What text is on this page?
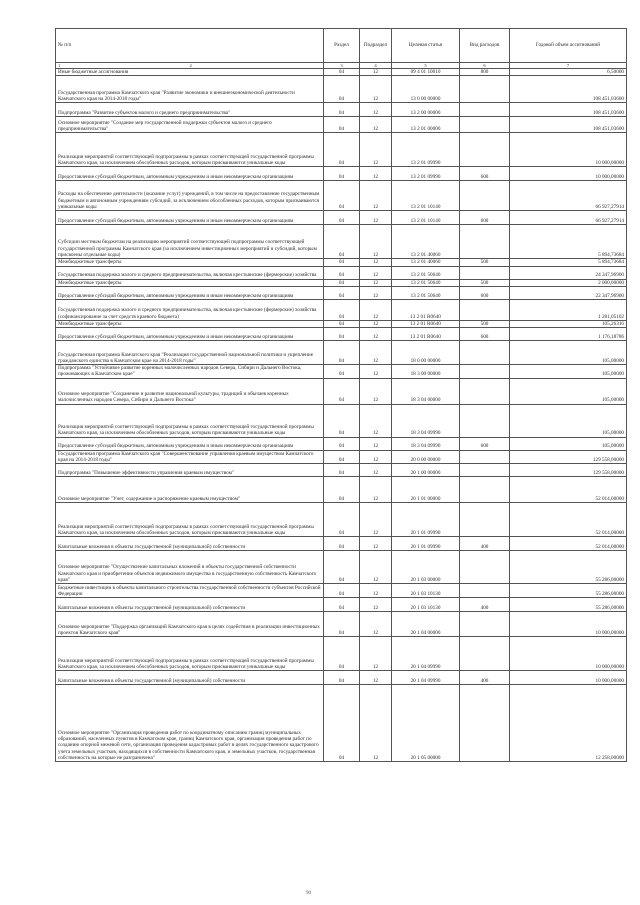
№ п/п	Раздел	Подраздел	Целевая статья	Вид расходов	Годовой объем ассигнований

1 2	3	4	5	6	7
Иные бюджетные ассигнования	04	12	09 4 01 10010	800	6,50000
Государственная программа Камчатского края "Развитие экономики и внешнеэкономической деятельности Камчатского края на 2014-2018 годы"	04	12	13 0 00 00000		108 451,03600
Подпрограмма "Развитие субъектов малого и среднего предпринимательства"	04	12	13 2 00 00000		108 451,03600
Основное мероприятие "Создание мер государственной поддержки субъектов малого и среднего предпринимательства"	04	12	13 2 01 00000		108 451,03600
Реализация мероприятий соответствующей подпрограммы в рамках соответствующей государственной программы Камчатского края, за исключением обособленных расходов, которым присваиваются уникальные коды	04	12	13 2 01 09990		10 000,00000
Предоставление субсидий бюджетным, автономным учреждениям и иным некоммерческим организациям	04	12	13 2 01 09990	600	10 000,00000
Расходы на обеспечение деятельности (оказание услуг) учреждений, в том числе на предоставление государственным бюджетным и автономным учреждениям субсидий, за исключением обособленных расходов, которым присваиваются уникальные коды	04	12	13 2 01 10140		66 927,27914
Предоставление субсидий бюджетным, автономным учреждениям и иным некоммерческим организациям	04	12	13 2 01 10140	600	66 927,27914
Субсидии местным бюджетам на реализацию мероприятий соответствующей подпрограммы соответствующей государственной программы Камчатского края (за исключением инвестиционных мероприятий и субсидий, которым присвоены отдельные коды)	04	12	13 2 01 40060		5 894,73684
Межбюджетные трансферты	04	12	13 2 01 40060	500	5 894,73684
Государственная поддержка малого и среднего предпринимательства, включая крестьянские (фермерские) хозяйства	04	12	13 2 01 50640		24 347,96900
Межбюджетные трансферты	04	12	13 2 01 50640	500	2 000,00000
Предоставление субсидий бюджетным, автономным учреждениям и иным некоммерческим организациям	04	12	13 2 01 50640	600	22 347,96900
Государственная поддержка малого и среднего предпринимательства, включая крестьянские (фермерские) хозяйства (софинансирование за счет средств краевого бюджета)	04	12	13 2 01 R0640		1 281,05102
Межбюджетные трансферты	04	12	13 2 01 R0640	500	105,26316
Предоставление субсидий бюджетным, автономным учреждениям и иным некоммерческим организациям	04	12	13 2 01 R0640	600	1 176,18786
Государственная программа Камчатского края "Реализация государственной национальной политики и укрепление гражданского единства в Камчатском крае на 2014-2018 годы"	04	12	18 0 00 00000		105,00000
Подпрограмма "Устойчивое развитие коренных малочисленных народов Севера, Сибири и Дальнего Востока, проживающих в Камчатском крае"	04	12	18 3 00 00000		105,00000
Основное мероприятие "Сохранение и развитие национальной культуры, традиций и обычаев коренных малочисленных народов Севера, Сибири и Дальнего Востока"	04	12	18 3 04 00000		105,00000
Реализация мероприятий соответствующей подпрограммы в рамках соответствующей государственной программы Камчатского края, за исключением обособленных расходов, которым присваиваются уникальные коды	04	12	18 3 04 09990		105,00000
Предоставление субсидий бюджетным, автономным учреждениям и иным некоммерческим организациям	04	12	18 3 04 09990	600	105,00000
Государственная программа Камчатского края "Совершенствование управления краевым имуществом Камчатского края на 2014-2018 годы"	04	12	20 0 00 00000		129 558,00000
Подпрограмма "Повышение эффективности управления краевым имуществом"	04	12	20 1 00 00000		129 558,00000
Основное мероприятие "Учет, содержание и распоряжение краевым имуществом"	04	12	20 1 01 00000		52 014,00000
Реализация мероприятий соответствующей подпрограммы в рамках соответствующей государственной программы Камчатского края, за исключением обособленных расходов, которым присваиваются уникальные коды	04	12	20 1 01 09990		52 014,00000
Капитальные вложения в объекты государственной (муниципальной) собственности	04	12	20 1 01 09990	400	52 014,00000
Основное мероприятие "Осуществление капитальных вложений в объекты государственной собственности Камчатского края и приобретение объектов недвижимого имущества в государственную собственность Камчатского края"	04	12	20 1 03 00000		55 286,00000
Бюджетные инвестиции в объекты капитального строительства государственной собственности субъектов Российской Федерации	04	12	20 1 03 10130		55 286,00000
Капитальные вложения в объекты государственной (муниципальной) собственности	04	12	20 1 03 10130	400	55 286,00000
Основное мероприятие "Поддержка организаций Камчатского края в целях содействия в реализации инвестиционных проектов Камчатского края"	04	12	20 1 04 00000		10 000,00000
Реализация мероприятий соответствующей подпрограммы в рамках соответствующей государственной программы Камчатского края, за исключением обособленных расходов, которым присваиваются уникальные коды	04	12	20 1 04 09990		10 000,00000
Капитальные вложения в объекты государственной (муниципальной) собственности	04	12	20 1 04 09990	400	10 000,00000
Основное мероприятие "Организация проведения работ по координатному описанию границ муниципальных образований, населенных пунктов в Камчатском крае, границ Камчатского края, организация проведения работ по созданию опорной межевой сети, организация проведения кадастровых работ в целях государственного кадастрового учета земельных участков, находящихся в собственности Камчатского края, и земельных участков, государственная собственность на которые не разграничена"	04	12	20 1 05 00000		12 258,00000
90
